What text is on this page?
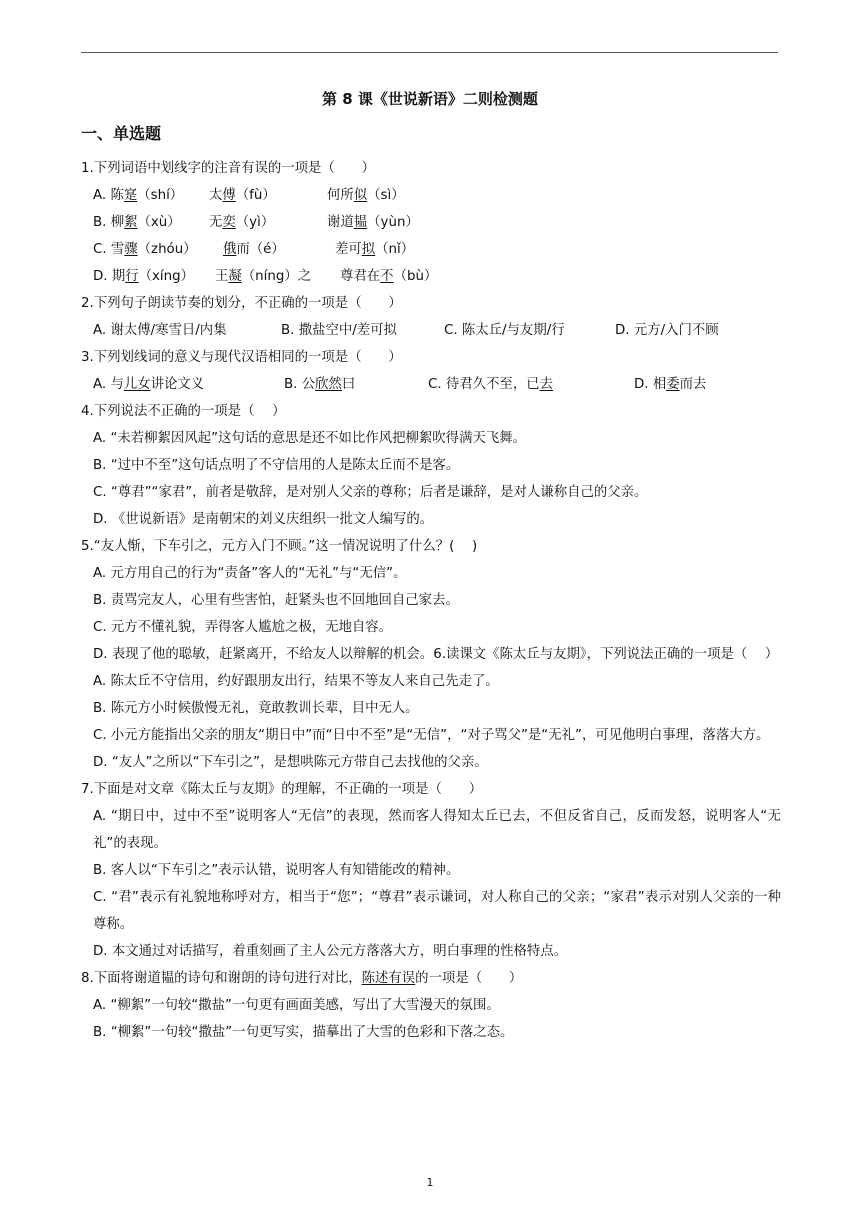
第 8 课《世说新语》二则检测题
一、单选题
1.下列词语中划线字的注音有误的一项是（　　）
A. 陈寔（shí）	太傅（fù）	何所似（sì）
B. 柳絮（xù）	无奕（yì）	谢道韫（yùn）
C. 雪骤（zhóu）	俄而（é）	差可拟（nǐ）
D. 期行（xíng）	王凝（níng）之	尊君在不（bù）
2.下列句子朗读节奏的划分，不正确的一项是（　　）
A. 谢太傅/寒雪日/内集	B. 撒盐空中/差可拟	C. 陈太丘/与友期/行	D. 元方/入门不顾
3.下列划线词的意义与现代汉语相同的一项是（　　）
A. 与儿女讲论文义	B. 公欣然曰	C. 待君久不至，已去	D. 相委而去
4.下列说法不正确的一项是（　 ）
A. “未若柳絮因风起”这句话的意思是还不如比作风把柳絮吹得满天飞舞。
B. “过中不至”这句话点明了不守信用的人是陈太丘而不是客。
C. “尊君”“家君”，前者是敬辞，是对别人父亲的尊称；后者是谦辞，是对人谦称自己的父亲。
D. 《世说新语》是南朝宋的刘义庆组织一批文人编写的。
5.“友人惭，下车引之，元方入门不顾。”这一情况说明了什么？(　 )
A. 元方用自己的行为“责备”客人的“无礼”与“无信”。
B. 责骂完友人，心里有些害怕，赶紧头也不回地回自己家去。
C. 元方不懂礼貌，弄得客人尴尬之极，无地自容。
D. 表现了他的聪敏，赶紧离开，不给友人以辩解的机会。6.读课文《陈太丘与友期》，下列说法正确的一项是（　 ）
A. 陈太丘不守信用，约好跟朋友出行，结果不等友人来自己先走了。
B. 陈元方小时候傲慢无礼，竟敢教训长辈，目中无人。
C. 小元方能指出父亲的朋友“期日中”而“日中不至”是“无信”，“对子骂父”是“无礼”，可见他明白事理，落落大方。
D. “友人”之所以“下车引之”，是想哄陈元方带自己去找他的父亲。
7.下面是对文章《陈太丘与友期》的理解，不正确的一项是（　　）
A. “期日中，过中不至”说明客人“无信”的表现，然而客人得知太丘已去，不但反省自己，反而发怒，说明客人“无礼”的表现。
B. 客人以“下车引之”表示认错，说明客人有知错能改的精神。
C. “君”表示有礼貌地称呼对方，相当于“您”；“尊君”表示谦词，对人称自己的父亲；“家君”表示对别人父亲的一种尊称。
D. 本文通过对话描写，着重刻画了主人公元方落落大方，明白事理的性格特点。
8.下面将谢道韫的诗句和谢朗的诗句进行对比，陈述有误的一项是（　　）
A. “柳絮”一句较“撒盐”一句更有画面美感，写出了大雪漫天的氛围。
B. “柳絮”一句较“撒盐”一句更写实，描摹出了大雪的色彩和下落之态。
1
